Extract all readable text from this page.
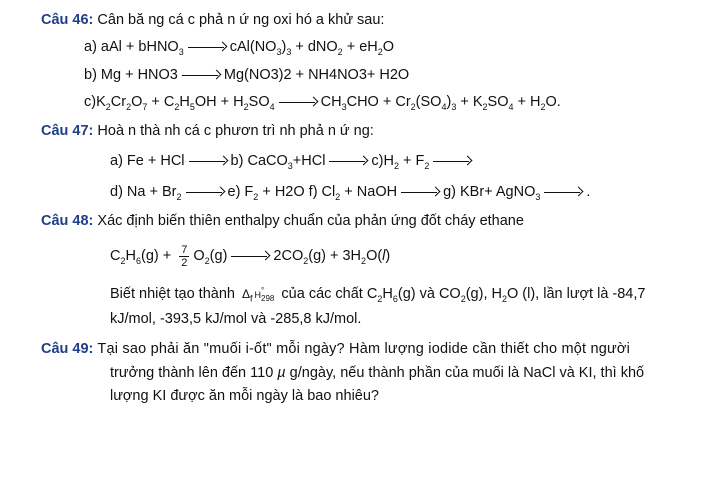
Câu 46: Cân bă ng cá c phả n ứ ng oxi hó a khử sau:
a) aAl + bHNO$_3$	$cAl(NO_3)_3 + dNO_2 + eH_2O$
b) Mg + HNO3	Mg(NO3)2 + NH4NO3+ H2O
$c)K_2Cr_2O_7 + C_2H_5OH + H_2SO_4$	$CH_3CHO + Cr_2(SO_4)_3 + K_2SO_4 + H_2O$.
Câu 47: Hoà n thà nh cá c phươn trì nh phả n ứ ng:
a) Fe + HCl	b) CaCO$_3$+HCl	$c)H_2 + F_2$
d) $Na + Br_2$	e) $F_2 + H2O$ f) $Cl_2$ + NaOH	g) KBr+ AgNO$_3$	.
Câu 48: Xác định biến thiên enthalpy chuẩn của phản ứng đốt cháy ethane
$C_2H_6(g) + \frac{7}{2} O_2(g)$	$2CO_2(g) + 3H_2O(l)$
Biết nhiệt tạo thành $\Delta_f$ H °
298 của các chất $C_2H_6(g)$ và $CO_2(g)$, $H_2O$ (l), lần lượt là -84,7
kJ/mol, -393,5 kJ/mol và -285,8 kJ/mol.
Câu 49: Tại sao phải ăn "muối i-ốt" mỗi ngày? Hàm lượng iodide cần thiết cho một người
trưởng thành lên đến 110 µ g/ngày, nếu thành phần của muối là NaCl và KI, thì khố
lượng KI được ăn mỗi ngày là bao nhiêu?
